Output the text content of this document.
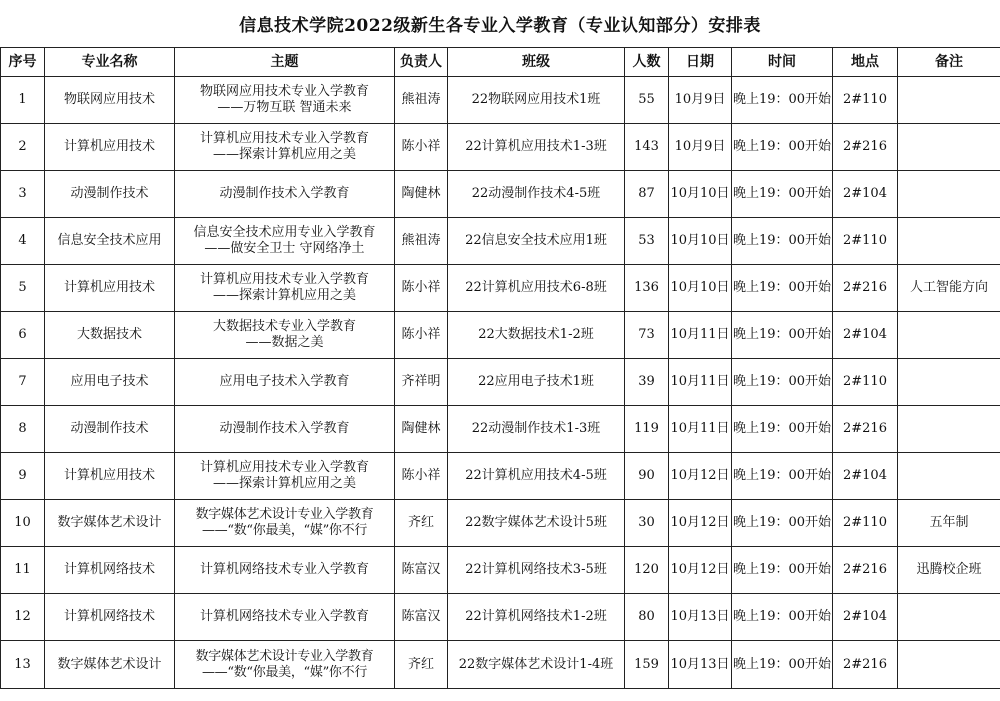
信息技术学院2022级新生各专业入学教育（专业认知部分）安排表
序号	专业名称	主题	负责人	班级	人数	日期	时间	地点	备注
1	物联网应用技术	物联网应用技术专业入学教育
——万物互联 智通未来	熊祖涛	22物联网应用技术1班	55	10月9日	晚上19：00开始	2#110	
2	计算机应用技术	计算机应用技术专业入学教育
——探索计算机应用之美	陈小祥	22计算机应用技术1-3班	143	10月9日	晚上19：00开始	2#216	
3	动漫制作技术	动漫制作技术入学教育	陶健林	22动漫制作技术4-5班	87	10月10日	晚上19：00开始	2#104	
4	信息安全技术应用	信息安全技术应用专业入学教育
——做安全卫士 守网络净土	熊祖涛	22信息安全技术应用1班	53	10月10日	晚上19：00开始	2#110	
5	计算机应用技术	计算机应用技术专业入学教育
——探索计算机应用之美	陈小祥	22计算机应用技术6-8班	136	10月10日	晚上19：00开始	2#216	人工智能方向
6	大数据技术	大数据技术专业入学教育
——数据之美	陈小祥	22大数据技术1-2班	73	10月11日	晚上19：00开始	2#104	
7	应用电子技术	应用电子技术入学教育	齐祥明	22应用电子技术1班	39	10月11日	晚上19：00开始	2#110	
8	动漫制作技术	动漫制作技术入学教育	陶健林	22动漫制作技术1-3班	119	10月11日	晚上19：00开始	2#216	
9	计算机应用技术	计算机应用技术专业入学教育
——探索计算机应用之美	陈小祥	22计算机应用技术4-5班	90	10月12日	晚上19：00开始	2#104	
10	数字媒体艺术设计	数字媒体艺术设计专业入学教育
——“数“你最美，“媒”你不行	齐红	22数字媒体艺术设计5班	30	10月12日	晚上19：00开始	2#110	五年制
11	计算机网络技术	计算机网络技术专业入学教育	陈富汉	22计算机网络技术3-5班	120	10月12日	晚上19：00开始	2#216	迅腾校企班
12	计算机网络技术	计算机网络技术专业入学教育	陈富汉	22计算机网络技术1-2班	80	10月13日	晚上19：00开始	2#104	
13	数字媒体艺术设计	数字媒体艺术设计专业入学教育
——“数“你最美，“媒”你不行	齐红	22数字媒体艺术设计1-4班	159	10月13日	晚上19：00开始	2#216	
